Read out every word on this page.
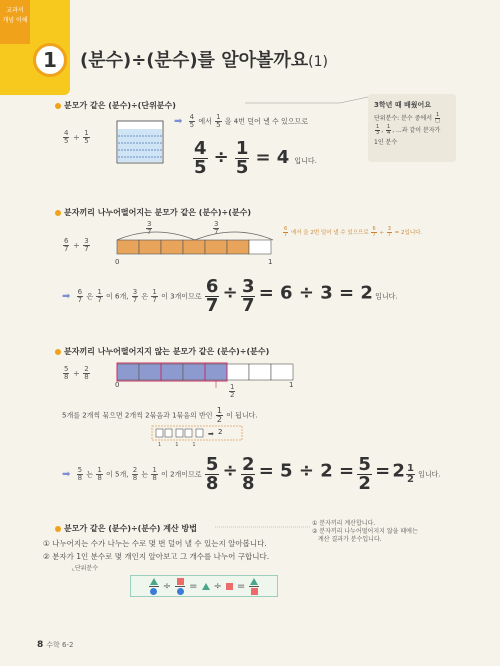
교과서
개념 이해
1	(분수)÷(분수)를 알아볼까요(1)
분모가 같은 (분수)÷(단위분수)
$\frac{4}{5} \div \frac{1}{5}$
➡ $\frac{4}{5}$ 에서 $\frac{1}{5}$ 을 4번 덜어 낼 수 있으므로
$\frac{4}{5} \div \frac{1}{5} = 4$ 입니다.
3학년 때 배웠어요
단위분수: 분수 중에서 $\frac{1}{□}$
$\frac{1}{3}$ , $\frac{1}{4}$ , ...과 같이 분자가
1인 분수
분자끼리 나누어떨어지는 분모가 같은 (분수)÷(분수)
$\frac{6}{7} \div \frac{3}{7}$
$\frac{3}{7}$	$\frac{3}{7}$
0	1
$\frac{6}{7}$ 에서 을 2번 덜어 낼 수 있으므로 $\frac{6}{7} \div \frac{3}{7} = 2$입니다.
➡ $\frac{6}{7}$ 은 $\frac{1}{7}$ 이 6개, $\frac{3}{7}$ 은 $\frac{1}{7}$ 이 3개이므로 $\frac{6}{7} \div \frac{3}{7} = 6 \div 3 = 2$ 입니다.
분자끼리 나누어떨어지지 않는 분모가 같은 (분수)÷(분수)
$\frac{5}{8} \div \frac{2}{8}$
0	1
$\frac{1}{2}$
5개를 2개씩 묶으면 2개씩 2묶음과 1묶음의 반인 $\frac{1}{2}$ 이 됩니다.
➡ 2
1	1	1
➡ $\frac{5}{8}$ 는 $\frac{1}{8}$ 이 5개, $\frac{2}{8}$ 는 $\frac{1}{8}$ 이 2개이므로 $\frac{5}{8} \div \frac{2}{8} = 5 \div 2 = \frac{5}{2} = 2 \frac{1}{2}$ 입니다.
분모가 같은 (분수)÷(분수) 계산 방법
① 분자끼리 계산합니다.
② 분자끼리 나누어떨어지지 않을 때에는
계산 결과가 분수입니다.
① 나누어지는 수가 나누는 수로 몇 번 덜어 낼 수 있는지 알아봅니다.
② 분자가 1인 분수로 몇 개인지 알아보고 그 개수를 나누어 구합니다.
⌞단위분수
÷ = ÷ =
8 수학 6-2
